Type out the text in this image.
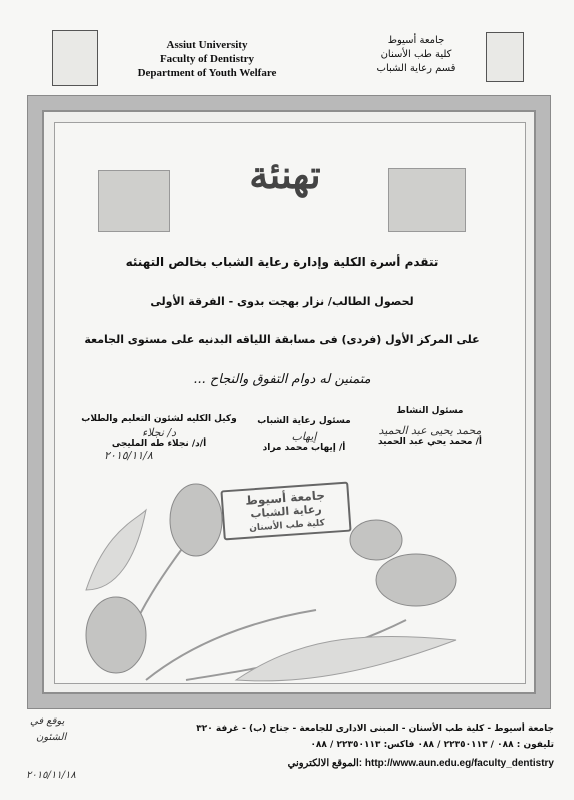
Assiut University
Faculty of Dentistry
Department of Youth Welfare
جامعة أسيوط
كلية طب الأسنان
قسم رعاية الشباب
تهنئة
تتقدم أسرة الكلية وإدارة رعاية الشباب بخالص التهنئه
لحصول الطالب/ نزار بهجت بدوى - الفرقة الأولى
على المركز الأول (فردى) فى مسابقة اللياقه البدنيه على مستوى الجامعة
متمنين له دوام التفوق والنجاح ...
مسئول النشاط
محمد يحيى عبد الحميد
أ/ محمد يحي عبد الحميد
مسئول رعاية الشباب
إيهاب
أ/ إيهاب محمد مراد
وكيل الكليه لشئون التعليم والطلاب
د/ نجلاء
أ/د/ نجلاء طه المليجى
٢٠١٥/١١/٨
جامعة أسيوط
رعاية الشباب
كلية طب الأسنان
جامعة أسيوط - كلية طب الأسنان - المبنى الادارى للجامعة - جناح (ب) - غرفة ٣٢٠
تليفون : ٠٨٨ / ٢٢٣٥٠١١٣ / ٠٨٨ فاكس: ٢٢٣٥٠١١٣ / ٠٨٨
http://www.aun.edu.eg/faculty_dentistry :الموقع الالكتروني
يوقع في
الشئون
٢٠١٥/١١/١٨
